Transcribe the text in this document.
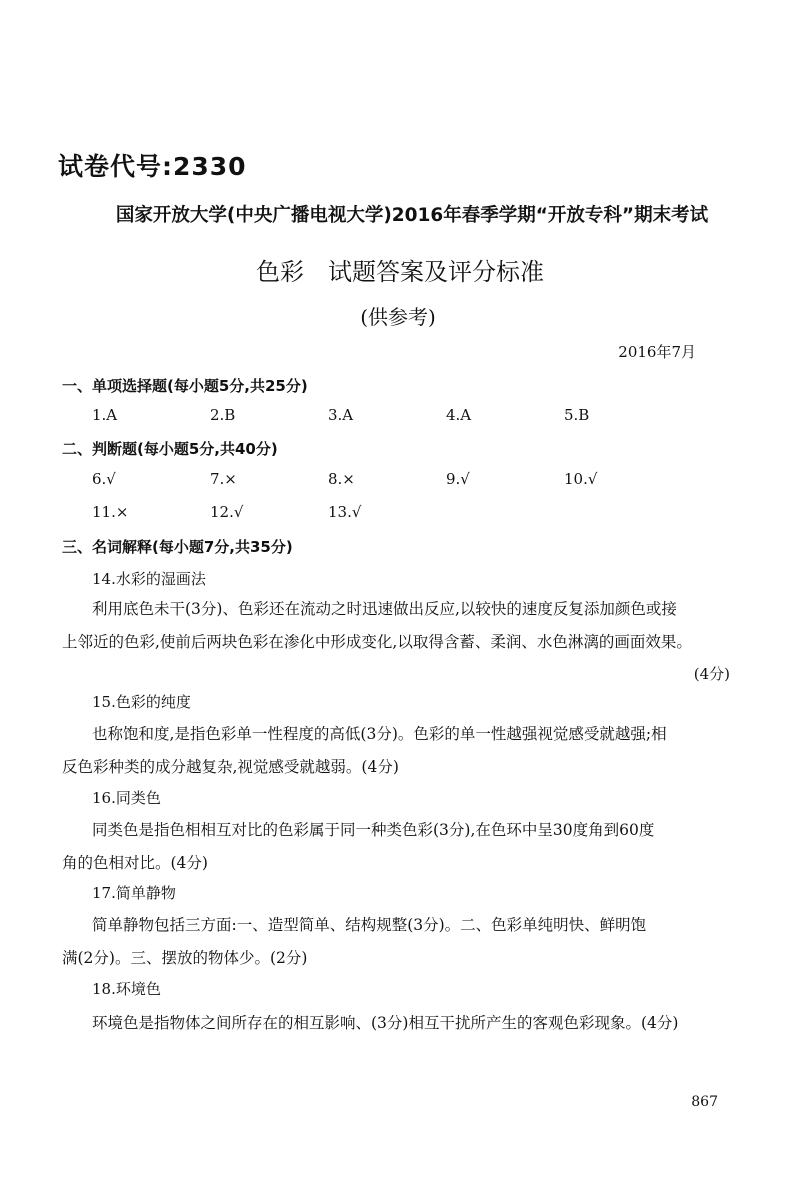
试卷代号:2330
国家开放大学(中央广播电视大学)2016年春季学期“开放专科”期末考试
色彩　试题答案及评分标准
(供参考)
2016年7月
一、单项选择题(每小题5分,共25分)
1.A	2.B	3.A	4.A	5.B
二、判断题(每小题5分,共40分)
6.√	7.×	8.×	9.√	10.√
11.×	12.√	13.√
三、名词解释(每小题7分,共35分)
14.水彩的湿画法
利用底色未干(3分)、色彩还在流动之时迅速做出反应,以较快的速度反复添加颜色或接
上邻近的色彩,使前后两块色彩在渗化中形成变化,以取得含蓄、柔润、水色淋漓的画面效果。
(4分)
15.色彩的纯度
也称饱和度,是指色彩单一性程度的高低(3分)。色彩的单一性越强视觉感受就越强;相
反色彩种类的成分越复杂,视觉感受就越弱。(4分)
16.同类色
同类色是指色相相互对比的色彩属于同一种类色彩(3分),在色环中呈30度角到60度
角的色相对比。(4分)
17.简单静物
简单静物包括三方面:一、造型简单、结构规整(3分)。二、色彩单纯明快、鲜明饱
满(2分)。三、摆放的物体少。(2分)
18.环境色
环境色是指物体之间所存在的相互影响、(3分)相互干扰所产生的客观色彩现象。(4分)
867
